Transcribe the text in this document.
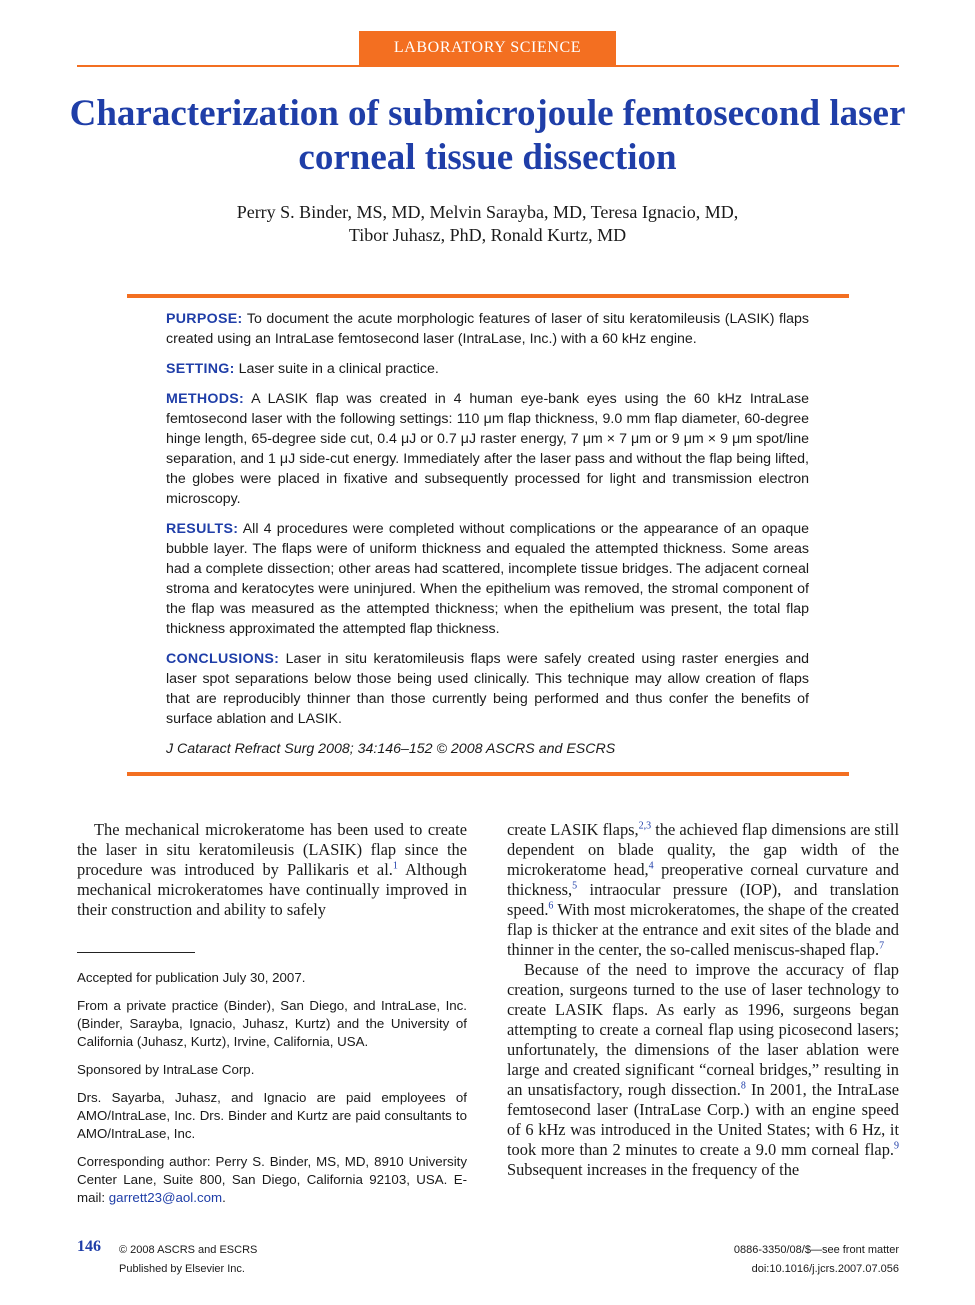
LABORATORY SCIENCE
Characterization of submicrojoule femtosecond laser corneal tissue dissection
Perry S. Binder, MS, MD, Melvin Sarayba, MD, Teresa Ignacio, MD,
Tibor Juhasz, PhD, Ronald Kurtz, MD

PURPOSE: To document the acute morphologic features of laser of situ keratomileusis (LASIK) flaps created using an IntraLase femtosecond laser (IntraLase, Inc.) with a 60 kHz engine.

SETTING: Laser suite in a clinical practice.

METHODS: A LASIK flap was created in 4 human eye-bank eyes using the 60 kHz IntraLase femtosecond laser with the following settings: 110 μm flap thickness, 9.0 mm flap diameter, 60-degree hinge length, 65-degree side cut, 0.4 μJ or 0.7 μJ raster energy, 7 μm × 7 μm or 9 μm × 9 μm spot/line separation, and 1 μJ side-cut energy. Immediately after the laser pass and without the flap being lifted, the globes were placed in fixative and subsequently processed for light and transmission electron microscopy.

RESULTS: All 4 procedures were completed without complications or the appearance of an opaque bubble layer. The flaps were of uniform thickness and equaled the attempted thickness. Some areas had a complete dissection; other areas had scattered, incomplete tissue bridges. The adjacent corneal stroma and keratocytes were uninjured. When the epithelium was removed, the stromal component of the flap was measured as the attempted thickness; when the epithelium was present, the total flap thickness approximated the attempted flap thickness.

CONCLUSIONS: Laser in situ keratomileusis flaps were safely created using raster energies and laser spot separations below those being used clinically. This technique may allow creation of flaps that are reproducibly thinner than those currently being performed and thus confer the benefits of surface ablation and LASIK.

J Cataract Refract Surg 2008; 34:146–152 © 2008 ASCRS and ESCRS

The mechanical microkeratome has been used to create the laser in situ keratomileusis (LASIK) flap since the procedure was introduced by Pallikaris et al.$^1$ Although mechanical microkeratomes have continually improved in their construction and ability to safely

Accepted for publication July 30, 2007.

From a private practice (Binder), San Diego, and IntraLase, Inc. (Binder, Sarayba, Ignacio, Juhasz, Kurtz) and the University of California (Juhasz, Kurtz), Irvine, California, USA.

Sponsored by IntraLase Corp.

Drs. Sayarba, Juhasz, and Ignacio are paid employees of AMO/IntraLase, Inc. Drs. Binder and Kurtz are paid consultants to AMO/IntraLase, Inc.

Corresponding author: Perry S. Binder, MS, MD, 8910 University Center Lane, Suite 800, San Diego, California 92103, USA. E-mail: garrett23@aol.com.

create LASIK flaps,$^{2,3}$ the achieved flap dimensions are still dependent on blade quality, the gap width of the microkeratome head,$^4$ preoperative corneal curvature and thickness,$^5$ intraocular pressure (IOP), and translation speed.$^6$ With most microkeratomes, the shape of the created flap is thicker at the entrance and exit sites of the blade and thinner in the center, the so-called meniscus-shaped flap.$^7$

Because of the need to improve the accuracy of flap creation, surgeons turned to the use of laser technology to create LASIK flaps. As early as 1996, surgeons began attempting to create a corneal flap using picosecond lasers; unfortunately, the dimensions of the laser ablation were large and created significant “corneal bridges,” resulting in an unsatisfactory, rough dissection.$^8$ In 2001, the IntraLase femtosecond laser (IntraLase Corp.) with an engine speed of 6 kHz was introduced in the United States; with 6 Hz, it took more than 2 minutes to create a 9.0 mm corneal flap.$^9$ Subsequent increases in the frequency of the

146 © 2008 ASCRS and ESCRS
Published by Elsevier Inc.
0886-3350/08/$—see front matter
doi:10.1016/j.jcrs.2007.07.056
